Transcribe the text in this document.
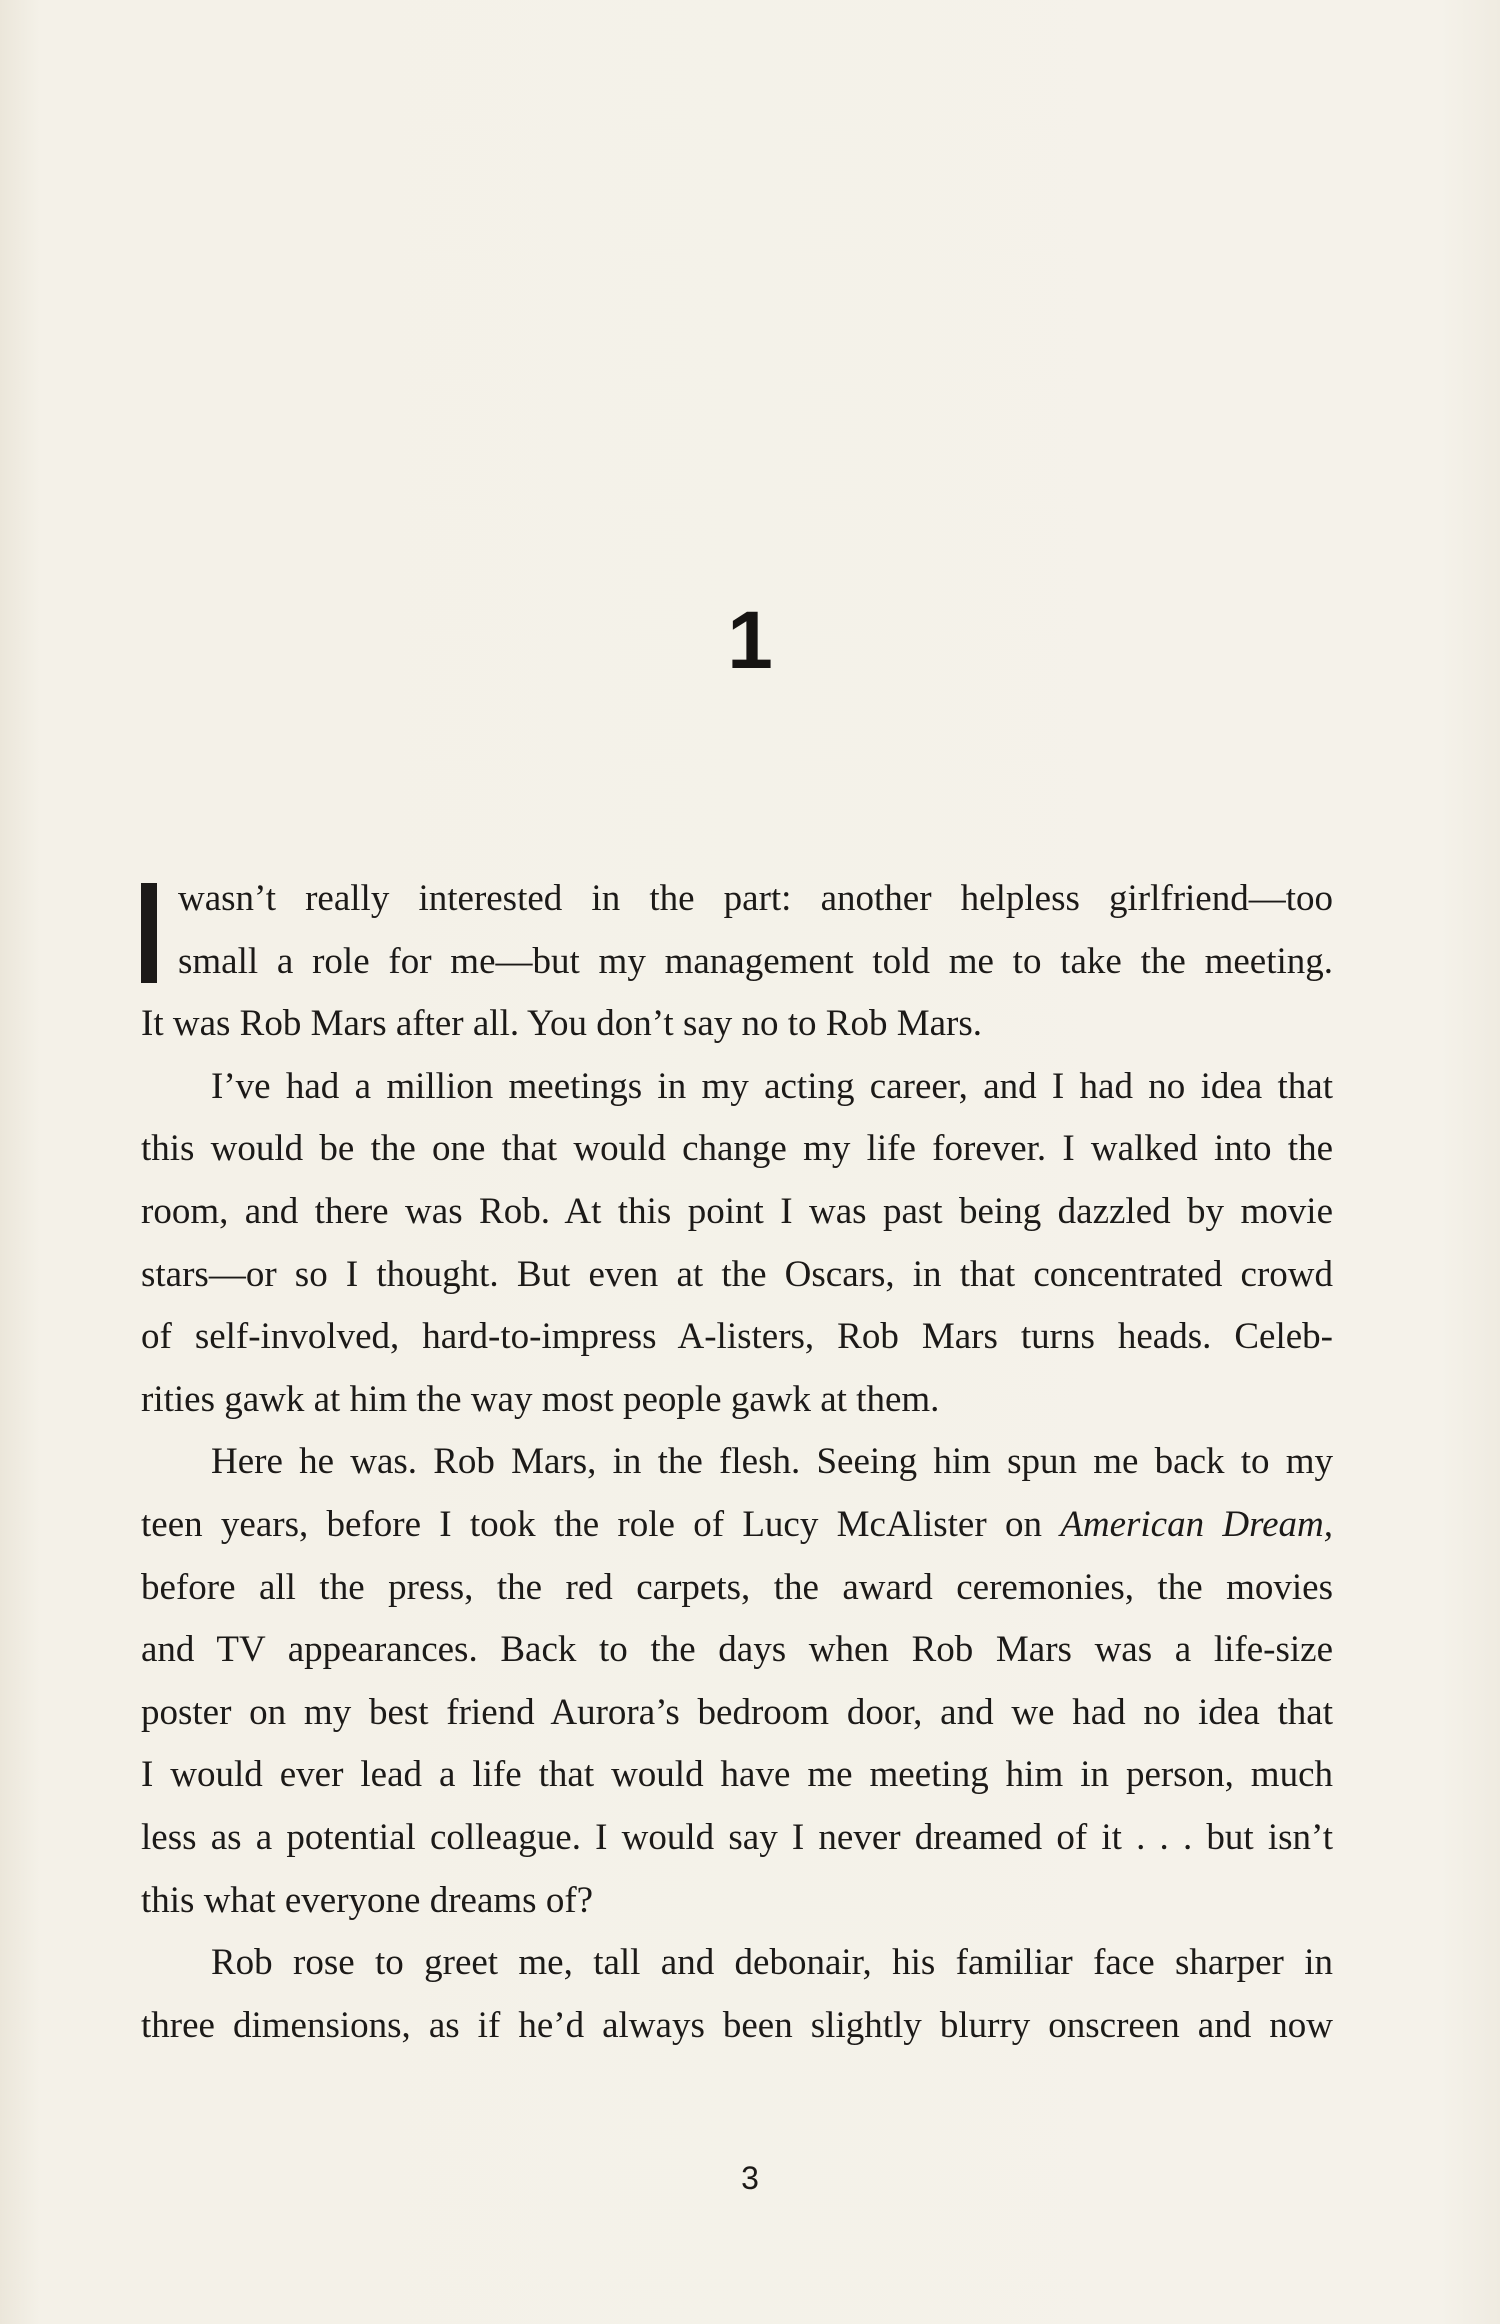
1

wasn’t really interested in the part: another helpless girlfriend—too
small a role for me—but my management told me to take the meeting.
It was Rob Mars after all. You don’t say no to Rob Mars.

I’ve had a million meetings in my acting career, and I had no idea that
this would be the one that would change my life forever. I walked into the
room, and there was Rob. At this point I was past being dazzled by movie
stars—or so I thought. But even at the Oscars, in that concentrated crowd
of self-involved, hard-to-impress A-listers, Rob Mars turns heads. Celeb-
rities gawk at him the way most people gawk at them.

Here he was. Rob Mars, in the flesh. Seeing him spun me back to my
teen years, before I took the role of Lucy McAlister on American Dream,
before all the press, the red carpets, the award ceremonies, the movies
and TV appearances. Back to the days when Rob Mars was a life-size
poster on my best friend Aurora’s bedroom door, and we had no idea that
I would ever lead a life that would have me meeting him in person, much
less as a potential colleague. I would say I never dreamed of it . . . but isn’t
this what everyone dreams of?

Rob rose to greet me, tall and debonair, his familiar face sharper in
three dimensions, as if he’d always been slightly blurry onscreen and now

3
